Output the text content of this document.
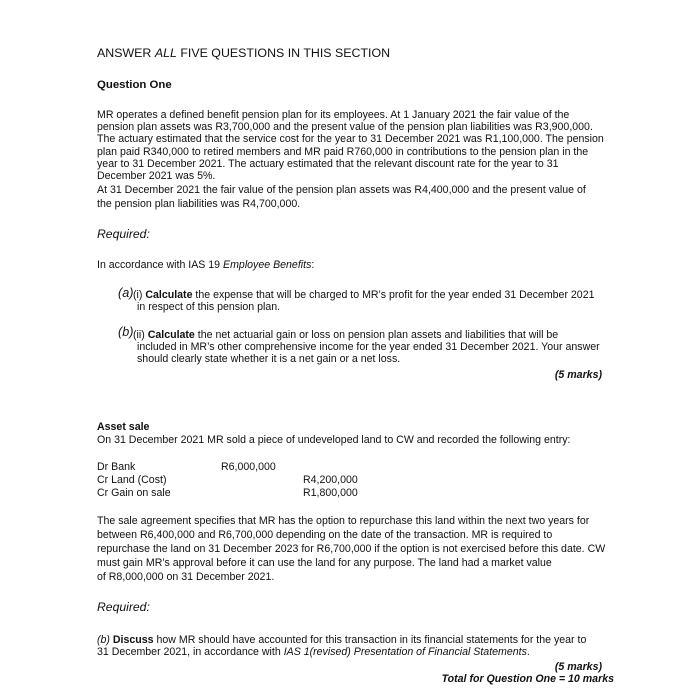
ANSWER ALL FIVE QUESTIONS IN THIS SECTION
Question One
MR operates a defined benefit pension plan for its employees. At 1 January 2021 the fair value of the
pension plan assets was R3,700,000 and the present value of the pension plan liabilities was R3,900,000.
The actuary estimated that the service cost for the year to 31 December 2021 was R1,100,000. The pension
plan paid R340,000 to retired members and MR paid R760,000 in contributions to the pension plan in the
year to 31 December 2021. The actuary estimated that the relevant discount rate for the year to 31
December 2021 was 5%.
At 31 December 2021 the fair value of the pension plan assets was R4,400,000 and the present value of
the pension plan liabilities was R4,700,000.
Required:
In accordance with IAS 19 Employee Benefits:
(a) (i) Calculate the expense that will be charged to MR’s profit for the year ended 31 December 2021
in respect of this pension plan.
(b) (ii) Calculate the net actuarial gain or loss on pension plan assets and liabilities that will be
included in MR’s other comprehensive income for the year ended 31 December 2021. Your answer
should clearly state whether it is a net gain or a net loss.
(5 marks)
Asset sale
On 31 December 2021 MR sold a piece of undeveloped land to CW and recorded the following entry:
Dr Bank	R6,000,000
Cr Land (Cost)	R4,200,000
Cr Gain on sale	R1,800,000
The sale agreement specifies that MR has the option to repurchase this land within the next two years for
between R6,400,000 and R6,700,000 depending on the date of the transaction. MR is required to
repurchase the land on 31 December 2023 for R6,700,000 if the option is not exercised before this date. CW
must gain MR’s approval before it can use the land for any purpose. The land had a market value
of R8,000,000 on 31 December 2021.
Required:
(b) Discuss how MR should have accounted for this transaction in its financial statements for the year to
31 December 2021, in accordance with IAS 1(revised) Presentation of Financial Statements.
(5 marks)
Total for Question One = 10 marks
